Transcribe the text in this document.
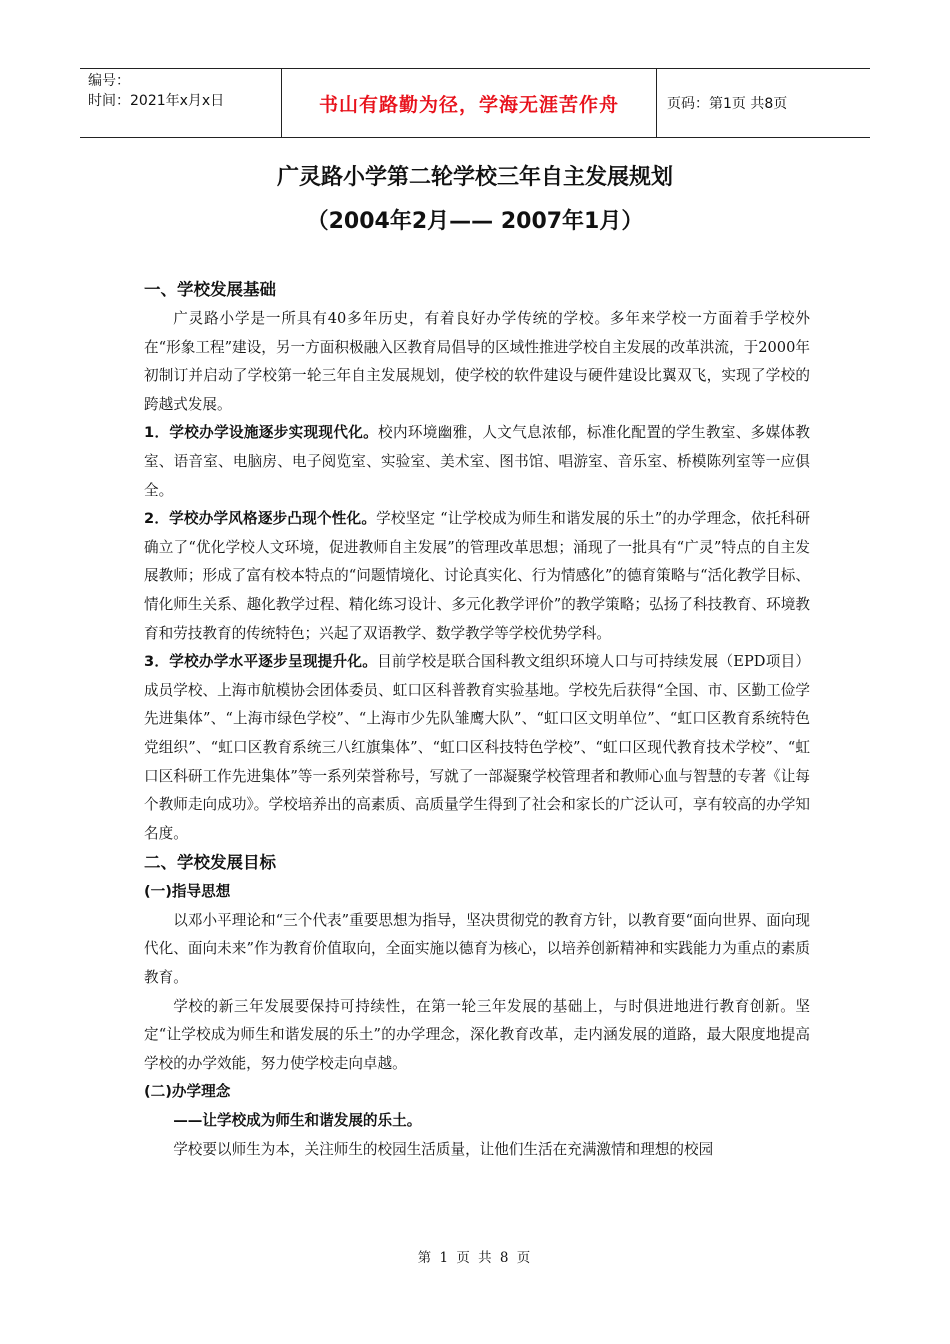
编号：
时间：2021年x月x日	书山有路勤为径，学海无涯苦作舟	页码：第1页 共8页
广灵路小学第二轮学校三年自主发展规划
（2004年2月—— 2007年1月）

一、学校发展基础

广灵路小学是一所具有40多年历史，有着良好办学传统的学校。多年来学校一方面着手学校外在“形象工程”建设，另一方面积极融入区教育局倡导的区域性推进学校自主发展的改革洪流，于2000年初制订并启动了学校第一轮三年自主发展规划，使学校的软件建设与硬件建设比翼双飞，实现了学校的跨越式发展。

1．学校办学设施逐步实现现代化。校内环境幽雅，人文气息浓郁，标准化配置的学生教室、多媒体教室、语音室、电脑房、电子阅览室、实验室、美术室、图书馆、唱游室、音乐室、桥模陈列室等一应俱全。

2．学校办学风格逐步凸现个性化。学校坚定 “让学校成为师生和谐发展的乐土”的办学理念，依托科研确立了“优化学校人文环境，促进教师自主发展”的管理改革思想；涌现了一批具有“广灵”特点的自主发展教师；形成了富有校本特点的“问题情境化、讨论真实化、行为情感化”的德育策略与“活化教学目标、情化师生关系、趣化教学过程、精化练习设计、多元化教学评价”的教学策略；弘扬了科技教育、环境教育和劳技教育的传统特色；兴起了双语教学、数学教学等学校优势学科。

3．学校办学水平逐步呈现提升化。目前学校是联合国科教文组织环境人口与可持续发展（EPD项目）成员学校、上海市航模协会团体委员、虹口区科普教育实验基地。学校先后获得“全国、市、区勤工俭学先进集体”、“上海市绿色学校”、“上海市少先队雏鹰大队”、“虹口区文明单位”、“虹口区教育系统特色党组织”、“虹口区教育系统三八红旗集体”、“虹口区科技特色学校”、“虹口区现代教育技术学校”、“虹口区科研工作先进集体”等一系列荣誉称号，写就了一部凝聚学校管理者和教师心血与智慧的专著《让每个教师走向成功》。学校培养出的高素质、高质量学生得到了社会和家长的广泛认可，享有较高的办学知名度。

二、学校发展目标

(一)指导思想

以邓小平理论和“三个代表”重要思想为指导，坚决贯彻党的教育方针，以教育要“面向世界、面向现代化、面向未来”作为教育价值取向，全面实施以德育为核心，以培养创新精神和实践能力为重点的素质教育。

学校的新三年发展要保持可持续性，在第一轮三年发展的基础上，与时俱进地进行教育创新。坚定“让学校成为师生和谐发展的乐土”的办学理念，深化教育改革，走内涵发展的道路，最大限度地提高学校的办学效能，努力使学校走向卓越。

(二)办学理念

——让学校成为师生和谐发展的乐土。

学校要以师生为本，关注师生的校园生活质量，让他们生活在充满激情和理想的校园

第 1 页 共 8 页
